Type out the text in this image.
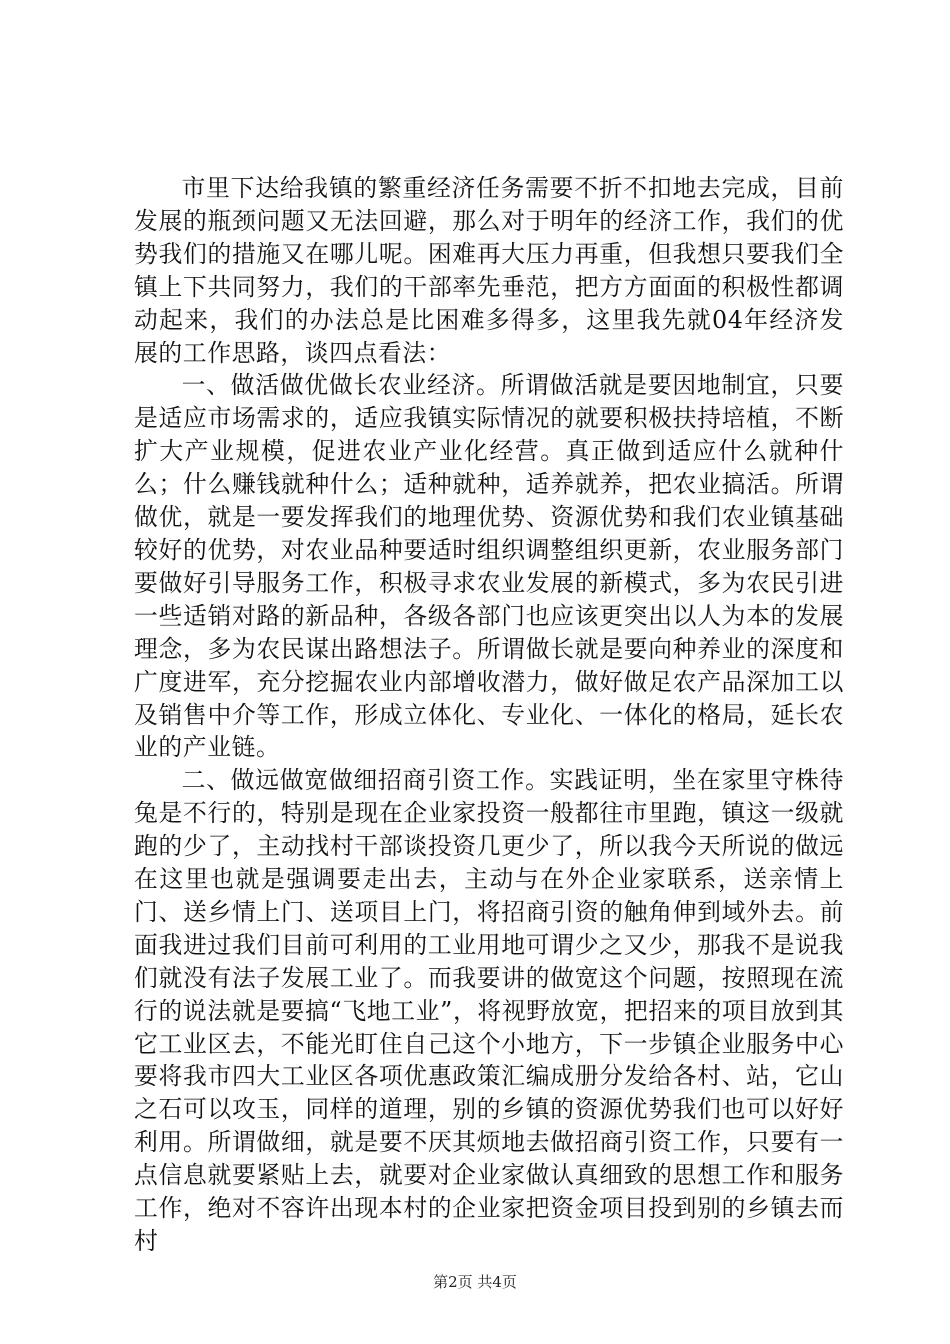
市里下达给我镇的繁重经济任务需要不折不扣地去完成，目前发展的瓶颈问题又无法回避，那么对于明年的经济工作，我们的优势我们的措施又在哪儿呢。困难再大压力再重，但我想只要我们全镇上下共同努力，我们的干部率先垂范，把方方面面的积极性都调动起来，我们的办法总是比困难多得多，这里我先就04年经济发展的工作思路，谈四点看法：

一、做活做优做长农业经济。所谓做活就是要因地制宜，只要是适应市场需求的，适应我镇实际情况的就要积极扶持培植，不断扩大产业规模，促进农业产业化经营。真正做到适应什么就种什么；什么赚钱就种什么；适种就种，适养就养，把农业搞活。所谓做优，就是一要发挥我们的地理优势、资源优势和我们农业镇基础较好的优势，对农业品种要适时组织调整组织更新，农业服务部门要做好引导服务工作，积极寻求农业发展的新模式，多为农民引进一些适销对路的新品种，各级各部门也应该更突出以人为本的发展理念，多为农民谋出路想法子。所谓做长就是要向种养业的深度和广度进军，充分挖掘农业内部增收潜力，做好做足农产品深加工以及销售中介等工作，形成立体化、专业化、一体化的格局，延长农业的产业链。

二、做远做宽做细招商引资工作。实践证明，坐在家里守株待兔是不行的，特别是现在企业家投资一般都往市里跑，镇这一级就跑的少了，主动找村干部谈投资几更少了，所以我今天所说的做远在这里也就是强调要走出去，主动与在外企业家联系，送亲情上门、送乡情上门、送项目上门，将招商引资的触角伸到域外去。前面我进过我们目前可利用的工业用地可谓少之又少，那我不是说我们就没有法子发展工业了。而我要讲的做宽这个问题，按照现在流行的说法就是要搞“飞地工业”，将视野放宽，把招来的项目放到其它工业区去，不能光盯住自己这个小地方，下一步镇企业服务中心要将我市四大工业区各项优惠政策汇编成册分发给各村、站，它山之石可以攻玉，同样的道理，别的乡镇的资源优势我们也可以好好利用。所谓做细，就是要不厌其烦地去做招商引资工作，只要有一点信息就要紧贴上去，就要对企业家做认真细致的思想工作和服务工作，绝对不容许出现本村的企业家把资金项目投到别的乡镇去而村

第2页 共4页
